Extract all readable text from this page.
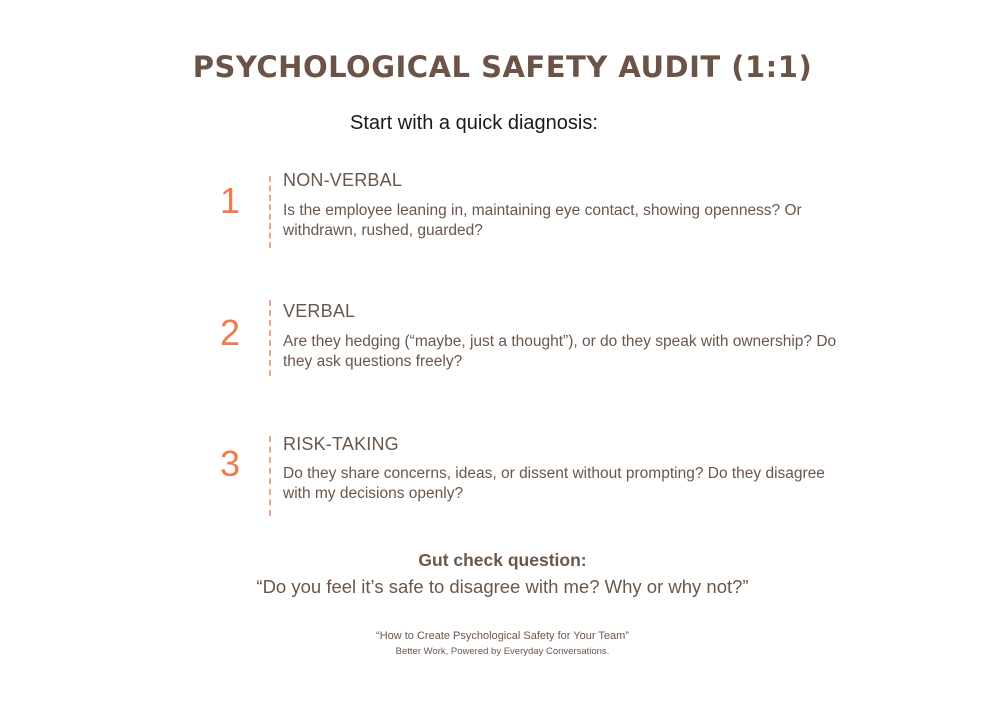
PSYCHOLOGICAL SAFETY AUDIT (1:1)

Start with a quick diagnosis:

1 NON-VERBAL

Is the employee leaning in, maintaining eye contact, showing openness? Or withdrawn, rushed, guarded?

2

VERBAL

Are they hedging (“maybe, just a thought”), or do they speak with ownership? Do they ask questions freely?

3 RISK-TAKING

Do they share concerns, ideas, or dissent without prompting? Do they disagree with my decisions openly?

Gut check question:

“Do you feel it’s safe to disagree with me? Why or why not?”

“How to Create Psychological Safety for Your Team”

Better Work, Powered by Everyday Conversations.
